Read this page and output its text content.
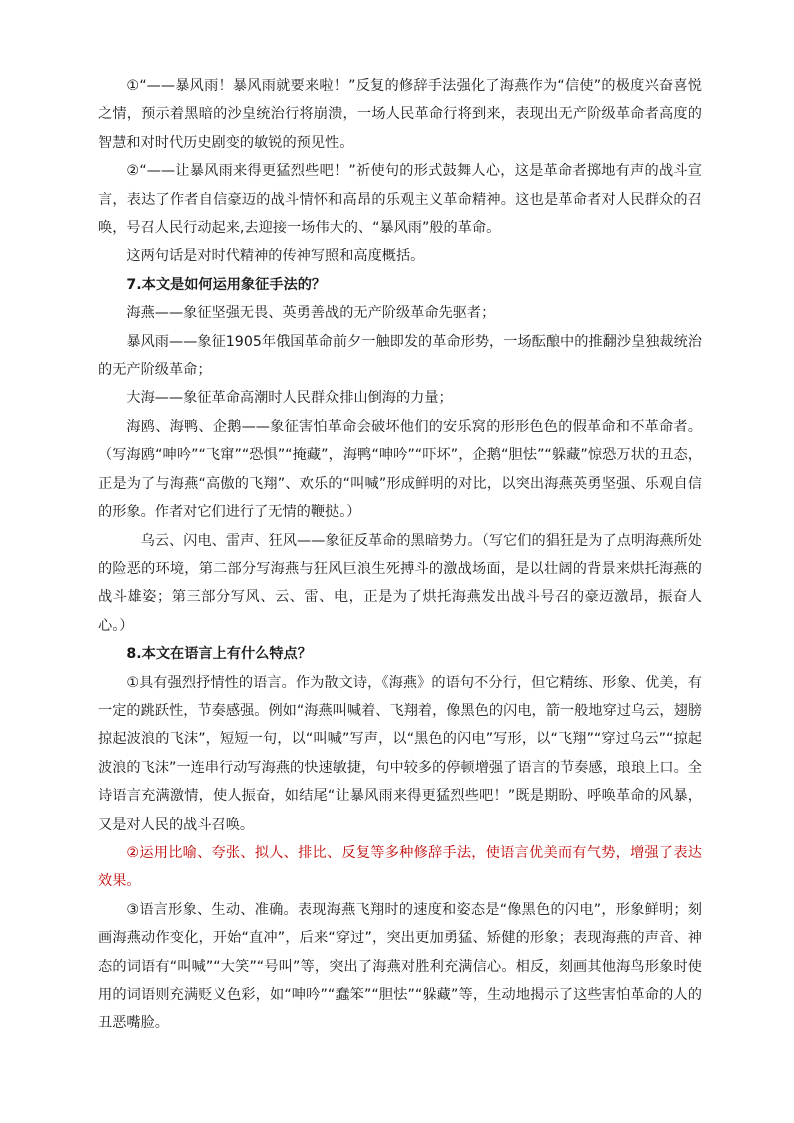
①“——暴风雨！暴风雨就要来啦！”反复的修辞手法强化了海燕作为“信使”的极度兴奋喜悦之情，预示着黑暗的沙皇统治行将崩溃，一场人民革命行将到来，表现出无产阶级革命者高度的智慧和对时代历史剧变的敏锐的预见性。

②“——让暴风雨来得更猛烈些吧！”祈使句的形式鼓舞人心，这是革命者掷地有声的战斗宣言，表达了作者自信豪迈的战斗情怀和高昂的乐观主义革命精神。这也是革命者对人民群众的召唤，号召人民行动起来,去迎接一场伟大的、“暴风雨”般的革命。

这两句话是对时代精神的传神写照和高度概括。

7.本文是如何运用象征手法的？

海燕——象征坚强无畏、英勇善战的无产阶级革命先驱者；

暴风雨——象征1905年俄国革命前夕一触即发的革命形势，一场酝酿中的推翻沙皇独裁统治的无产阶级革命；

大海——象征革命高潮时人民群众排山倒海的力量；

海鸥、海鸭、企鹅——象征害怕革命会破坏他们的安乐窝的形形色色的假革命和不革命者。（写海鸥“呻吟”“飞窜”“恐惧”“掩藏”，海鸭“呻吟”“吓坏”，企鹅“胆怯”“躲藏”惊恐万状的丑态，正是为了与海燕“高傲的飞翔”、欢乐的“叫喊”形成鲜明的对比，以突出海燕英勇坚强、乐观自信的形象。作者对它们进行了无情的鞭挞。）

乌云、闪电、雷声、狂风——象征反革命的黑暗势力。（写它们的猖狂是为了点明海燕所处的险恶的环境，第二部分写海燕与狂风巨浪生死搏斗的激战场面，是以壮阔的背景来烘托海燕的战斗雄姿；第三部分写风、云、雷、电，正是为了烘托海燕发出战斗号召的豪迈激昂，振奋人心。）

8.本文在语言上有什么特点？

①具有强烈抒情性的语言。作为散文诗，《海燕》的语句不分行，但它精练、形象、优美，有一定的跳跃性，节奏感强。例如“海燕叫喊着、飞翔着，像黑色的闪电，箭一般地穿过乌云，翅膀掠起波浪的飞沫”，短短一句，以“叫喊”写声，以“黑色的闪电”写形，以“飞翔”“穿过乌云”“掠起波浪的飞沫”一连串行动写海燕的快速敏捷，句中较多的停顿增强了语言的节奏感，琅琅上口。全诗语言充满激情，使人振奋，如结尾“让暴风雨来得更猛烈些吧！”既是期盼、呼唤革命的风暴，又是对人民的战斗召唤。

②运用比喻、夸张、拟人、排比、反复等多种修辞手法，使语言优美而有气势，增强了表达效果。

③语言形象、生动、准确。表现海燕飞翔时的速度和姿态是“像黑色的闪电”，形象鲜明；刻画海燕动作变化，开始“直冲”，后来“穿过”，突出更加勇猛、矫健的形象；表现海燕的声音、神态的词语有“叫喊”“大笑”“号叫”等，突出了海燕对胜利充满信心。相反，刻画其他海鸟形象时使用的词语则充满贬义色彩，如“呻吟”“蠢笨”“胆怯”“躲藏”等，生动地揭示了这些害怕革命的人的丑恶嘴脸。
